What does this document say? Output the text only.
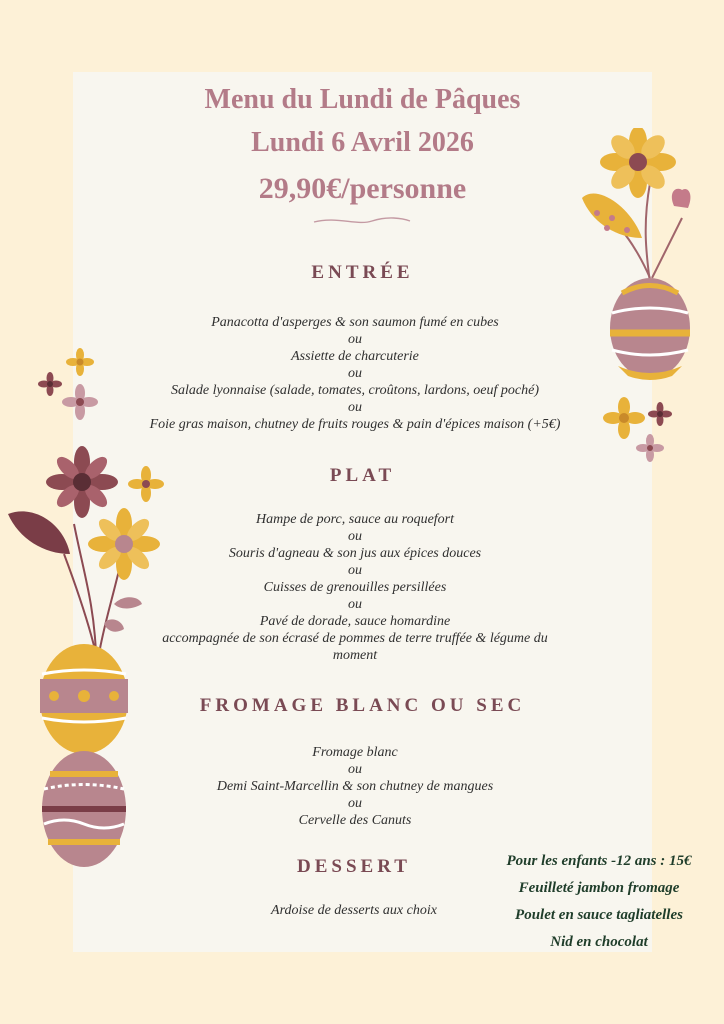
Menu du Lundi de Pâques
Lundi 6 Avril 2026
29,90€/personne
ENTRÉE
Panacotta d'asperges & son saumon fumé en cubes
ou
Assiette de charcuterie
ou
Salade lyonnaise (salade, tomates, croûtons, lardons, oeuf poché)
ou
Foie gras maison, chutney de fruits rouges & pain d'épices maison (+5€)
PLAT
Hampe de porc, sauce au roquefort
ou
Souris d'agneau & son jus aux épices douces
ou
Cuisses de grenouilles persillées
ou
Pavé de dorade, sauce homardine
accompagnée de son écrasé de pommes de terre truffée & légume du moment
FROMAGE BLANC OU SEC
Fromage blanc
ou
Demi Saint-Marcellin & son chutney de mangues
ou
Cervelle des Canuts
DESSERT
Ardoise de desserts aux choix
Pour les enfants -12 ans : 15€
Feuilleté jambon fromage
Poulet en sauce tagliatelles
Nid en chocolat
